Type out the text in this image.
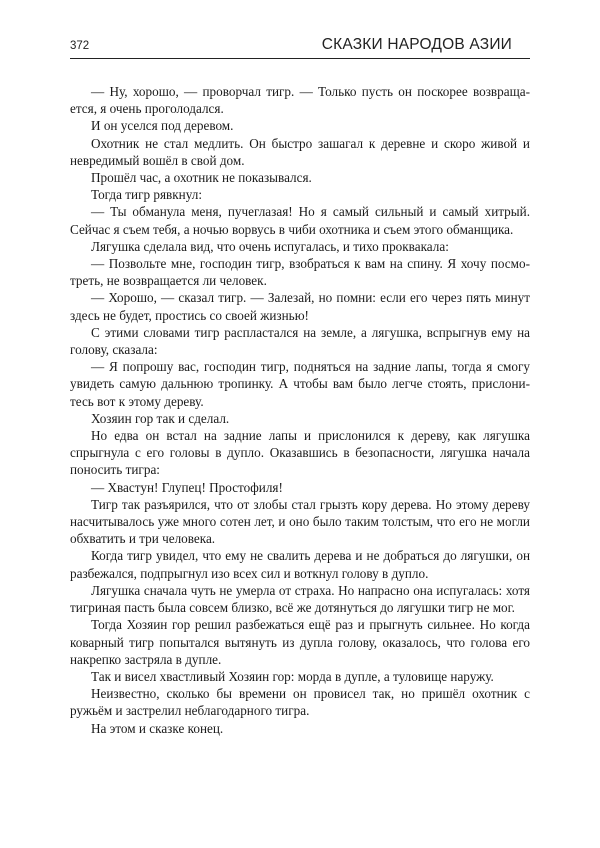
372	СКАЗКИ НАРОДОВ АЗИИ

— Ну, хорошо, — проворчал тигр. — Только пусть он поскорее возвращается, я очень проголодался.

И он уселся под деревом.

Охотник не стал медлить. Он быстро зашагал к деревне и скоро живой и невредимый вошёл в свой дом.

Прошёл час, а охотник не показывался.

Тогда тигр рявкнул:

— Ты обманула меня, пучеглазая! Но я самый сильный и самый хитрый. Сейчас я съем тебя, а ночью ворвусь в чиби охотника и съем этого обманщика.

Лягушка сделала вид, что очень испугалась, и тихо проквакала:

— Позвольте мне, господин тигр, взобраться к вам на спину. Я хочу посмотреть, не возвращается ли человек.

— Хорошо, — сказал тигр. — Залезай, но помни: если его через пять минут здесь не будет, простись со своей жизнью!

С этими словами тигр распластался на земле, а лягушка, вспрыгнув ему на голову, сказала:

— Я попрошу вас, господин тигр, подняться на задние лапы, тогда я смогу увидеть самую дальнюю тропинку. А чтобы вам было легче стоять, прислонитесь вот к этому дереву.

Хозяин гор так и сделал.

Но едва он встал на задние лапы и прислонился к дереву, как лягушка спрыгнула с его головы в дупло. Оказавшись в безопасности, лягушка начала поносить тигра:

— Хвастун! Глупец! Простофиля!

Тигр так разъярился, что от злобы стал грызть кору дерева. Но этому дереву насчитывалось уже много сотен лет, и оно было таким толстым, что его не могли обхватить и три человека.

Когда тигр увидел, что ему не свалить дерева и не добраться до лягушки, он разбежался, подпрыгнул изо всех сил и воткнул голову в дупло.

Лягушка сначала чуть не умерла от страха. Но напрасно она испугалась: хотя тигриная пасть была совсем близко, всё же дотянуться до лягушки тигр не мог.

Тогда Хозяин гор решил разбежаться ещё раз и прыгнуть сильнее. Но когда коварный тигр попытался вытянуть из дупла голову, оказалось, что голова его накрепко застряла в дупле.

Так и висел хвастливый Хозяин гор: морда в дупле, а туловище наружу.

Неизвестно, сколько бы времени он провисел так, но пришёл охотник с ружьём и застрелил неблагодарного тигра.

На этом и сказке конец.
